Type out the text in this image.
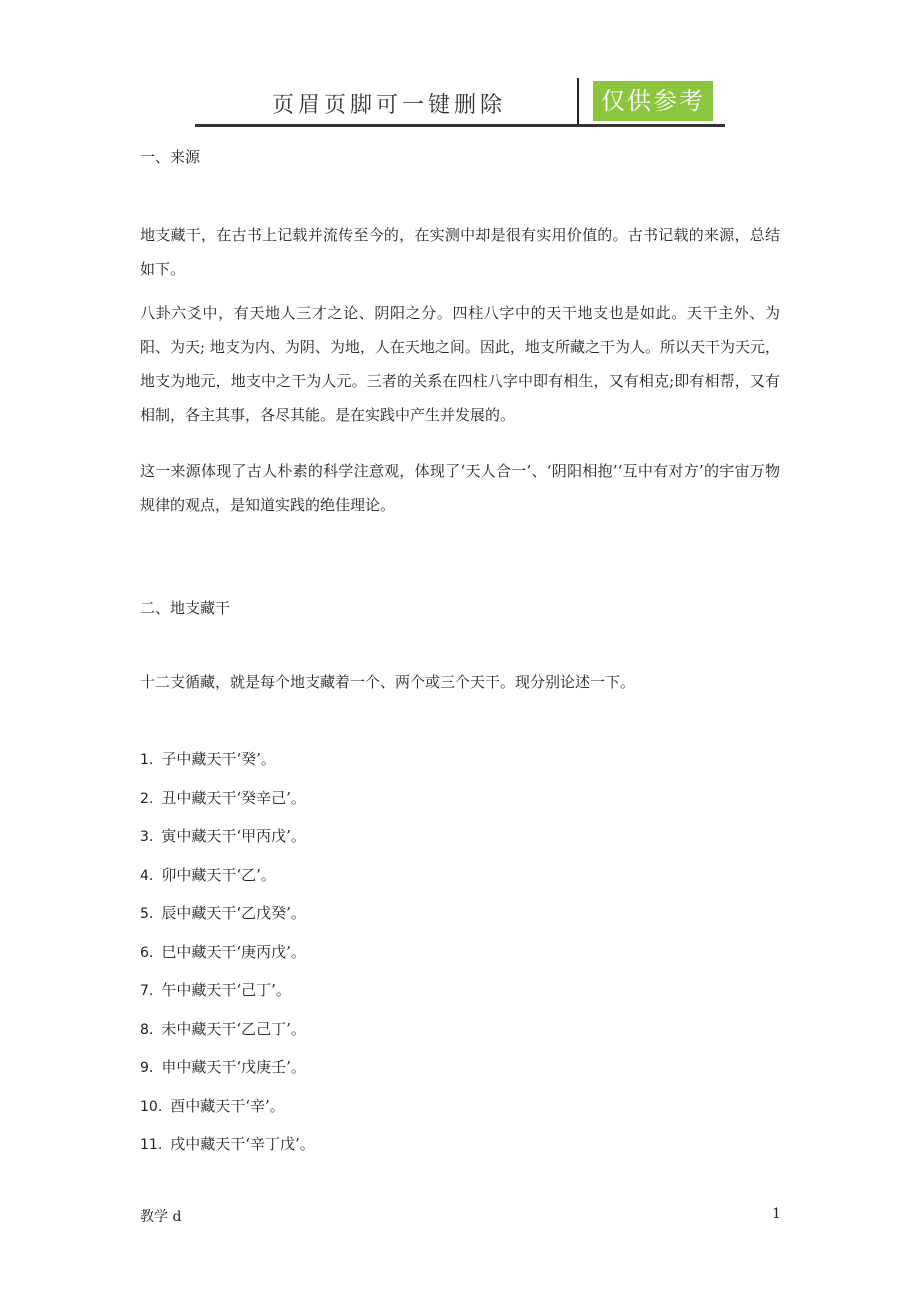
页眉页脚可一键删除	仅供参考
一、来源
地支藏干，在古书上记载并流传至今的，在实测中却是很有实用价值的。古书记载的来源，总结如下。
八卦六爻中，有天地人三才之论、阴阳之分。四柱八字中的天干地支也是如此。天干主外、为阳、为天; 地支为内、为阴、为地，人在天地之间。因此，地支所藏之干为人。所以天干为天元，地支为地元，地支中之干为人元。三者的关系在四柱八字中即有相生，又有相克;即有相帮，又有相制，各主其事，各尽其能。是在实践中产生并发展的。
这一来源体现了古人朴素的科学注意观，体现了‘天人合一’、‘阴阳相抱’‘互中有对方’的宇宙万物规律的观点，是知道实践的绝佳理论。
二、地支藏干
十二支循藏，就是每个地支藏着一个、两个或三个天干。现分别论述一下。
1. 子中藏天干‘癸’。
2. 丑中藏天干‘癸辛己’。
3. 寅中藏天干‘甲丙戊’。
4. 卯中藏天干‘乙’。
5. 辰中藏天干‘乙戊癸’。
6. 巳中藏天干‘庚丙戊’。
7. 午中藏天干‘己丁’。
8. 未中藏天干‘乙己丁’。
9. 申中藏天干‘戊庚壬’。
10. 酉中藏天干‘辛’。
11. 戌中藏天干‘辛丁戊’。
教学 d	1
